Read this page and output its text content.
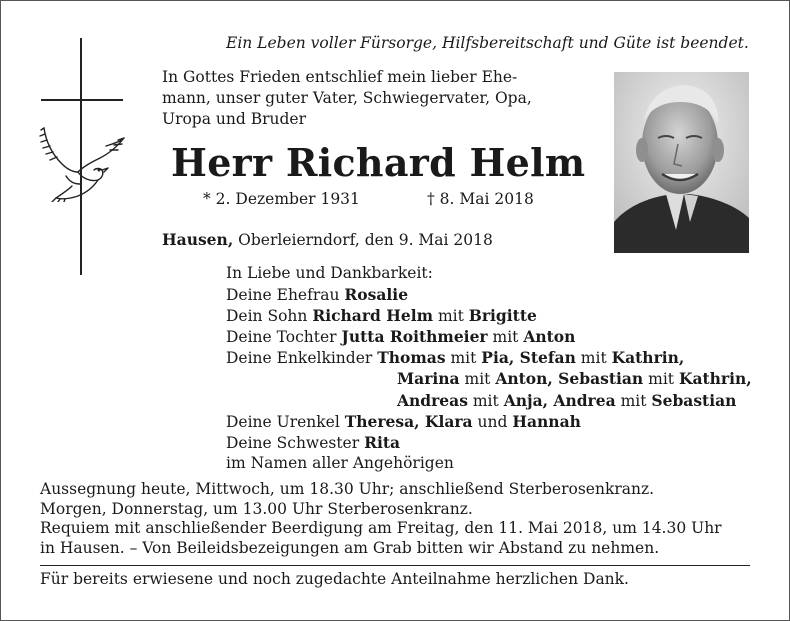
Ein Leben voller Fürsorge, Hilfsbereitschaft und Güte ist beendet.
In Gottes Frieden entschlief mein lieber Ehe-
mann, unser guter Vater, Schwiegervater, Opa,
Uropa und Bruder
Herr Richard Helm
* 2. Dezember 1931	† 8. Mai 2018
Hausen, Oberleierndorf, den 9. Mai 2018
In Liebe und Dankbarkeit:
Deine Ehefrau Rosalie
Dein Sohn Richard Helm mit Brigitte
Deine Tochter Jutta Roithmeier mit Anton
Deine Enkelkinder Thomas mit Pia, Stefan mit Kathrin,
Marina mit Anton, Sebastian mit Kathrin,
Andreas mit Anja, Andrea mit Sebastian
Deine Urenkel Theresa, Klara und Hannah
Deine Schwester Rita
im Namen aller Angehörigen
Aussegnung heute, Mittwoch, um 18.30 Uhr; anschließend Sterberosenkranz.
Morgen, Donnerstag, um 13.00 Uhr Sterberosenkranz.
Requiem mit anschließender Beerdigung am Freitag, den 11. Mai 2018, um 14.30 Uhr
in Hausen. – Von Beileidsbezeigungen am Grab bitten wir Abstand zu nehmen.
Für bereits erwiesene und noch zugedachte Anteilnahme herzlichen Dank.
